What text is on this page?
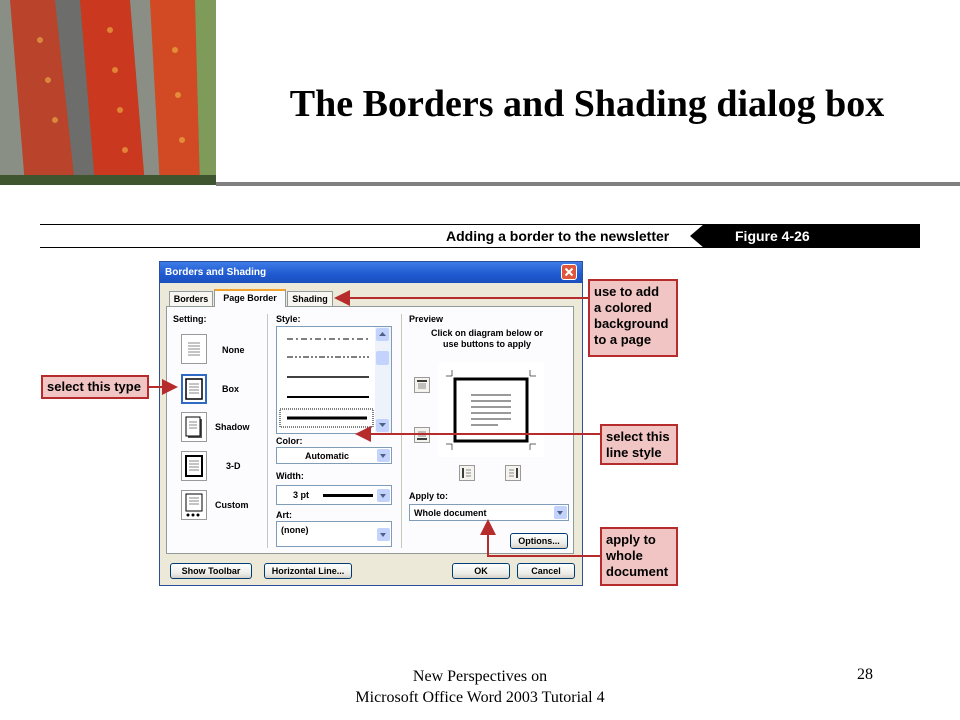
The Borders and Shading dialog box
Adding a border to the newsletter	Figure 4-26
Borders and Shading
Borders	Page Border	Shading
Setting:
None
Box
Shadow
3-D
Custom
Style:
Color:
Automatic
Width:
3 pt
Art:
(none)
Preview
Click on diagram below or use buttons to apply
Apply to:
Whole document
Options...
Show Toolbar	Horizontal Line...	OK	Cancel
use to add
a colored
background
to a page
select this type
select this
line style
apply to
whole
document
New Perspectives on
Microsoft Office Word 2003 Tutorial 4
28
